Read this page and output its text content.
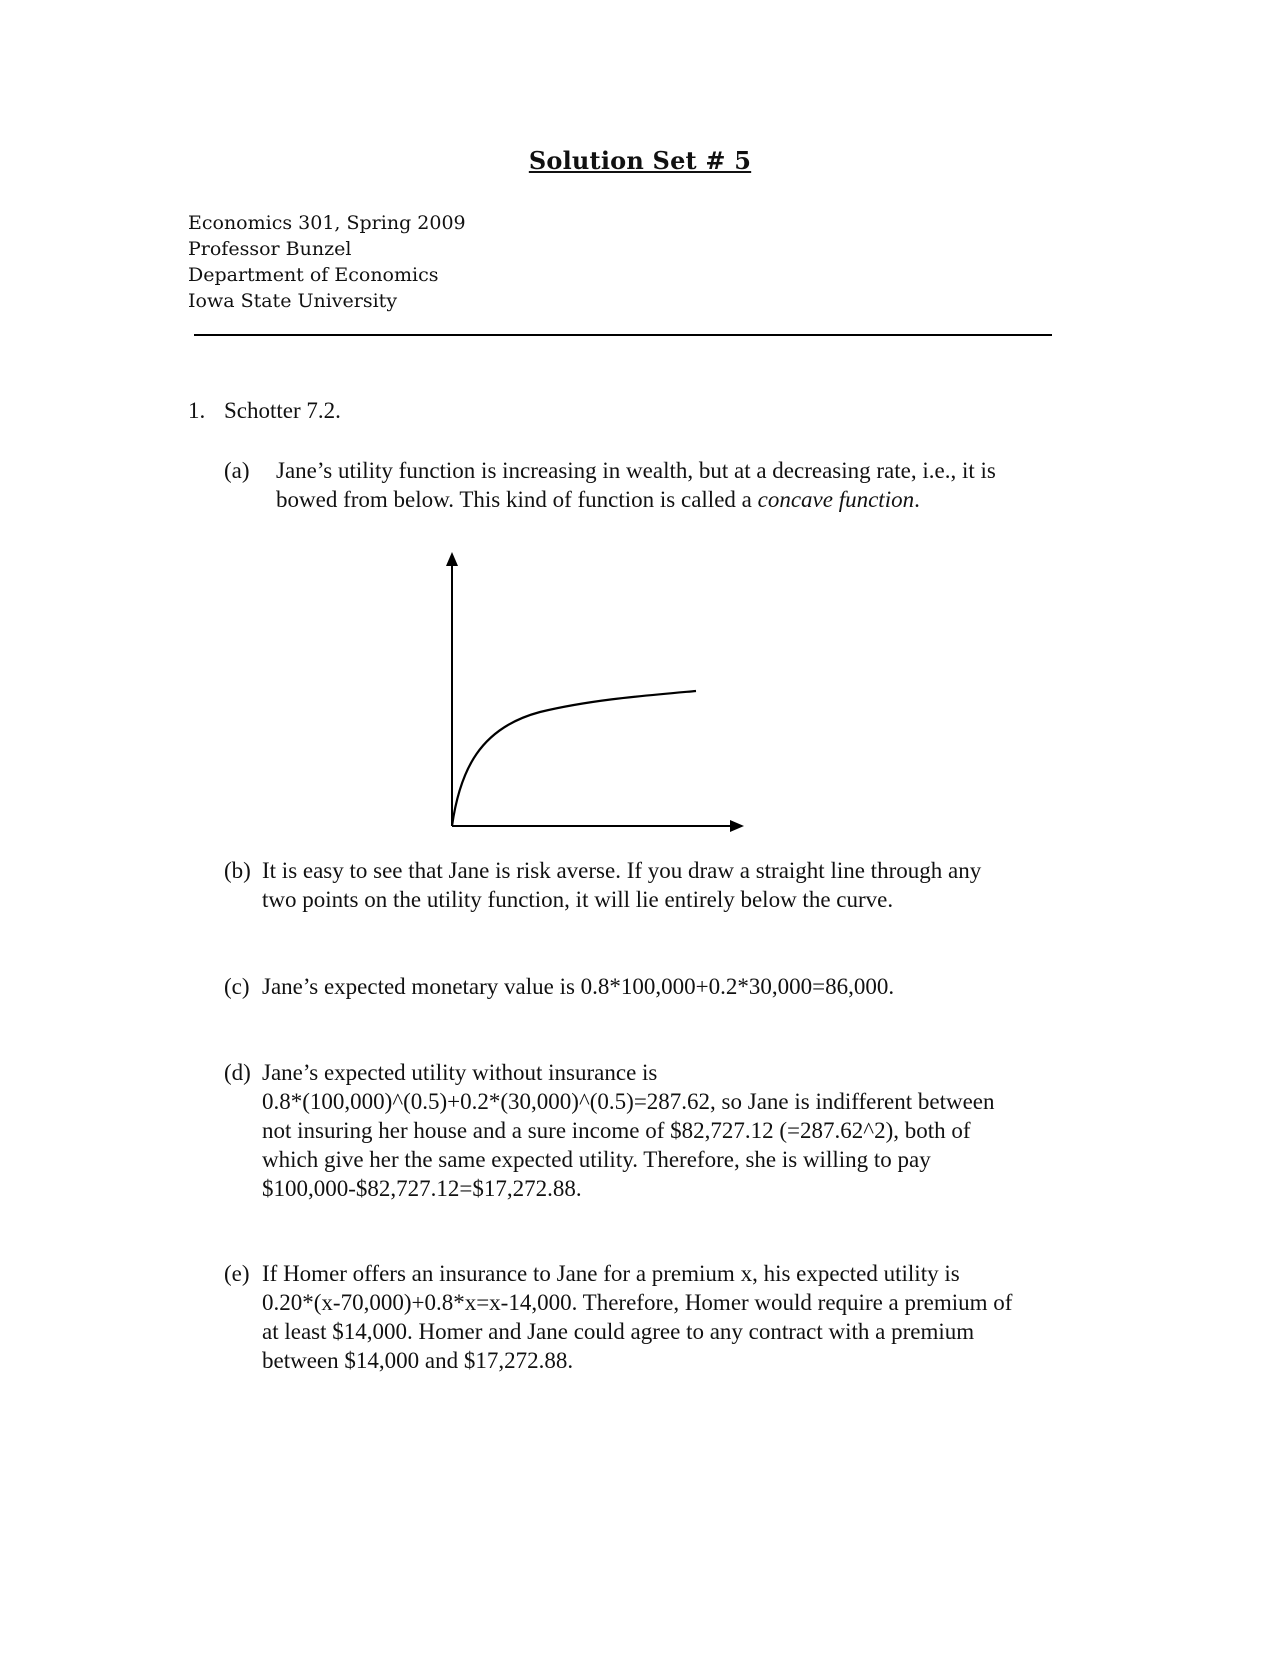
Solution Set # 5
Economics 301, Spring 2009
Professor Bunzel
Department of Economics
Iowa State University
1. Schotter 7.2.
(a) Jane’s utility function is increasing in wealth, but at a decreasing rate, i.e., it is
bowed from below. This kind of function is called a concave function.
(b) It is easy to see that Jane is risk averse. If you draw a straight line through any
two points on the utility function, it will lie entirely below the curve.
(c) Jane’s expected monetary value is 0.8*100,000+0.2*30,000=86,000.
(d) Jane’s expected utility without insurance is
0.8*(100,000)^(0.5)+0.2*(30,000)^(0.5)=287.62, so Jane is indifferent between
not insuring her house and a sure income of $82,727.12 (=287.62^2), both of
which give her the same expected utility. Therefore, she is willing to pay
$100,000-$82,727.12=$17,272.88.
(e) If Homer offers an insurance to Jane for a premium x, his expected utility is
0.20*(x-70,000)+0.8*x=x-14,000. Therefore, Homer would require a premium of
at least $14,000. Homer and Jane could agree to any contract with a premium
between $14,000 and $17,272.88.
